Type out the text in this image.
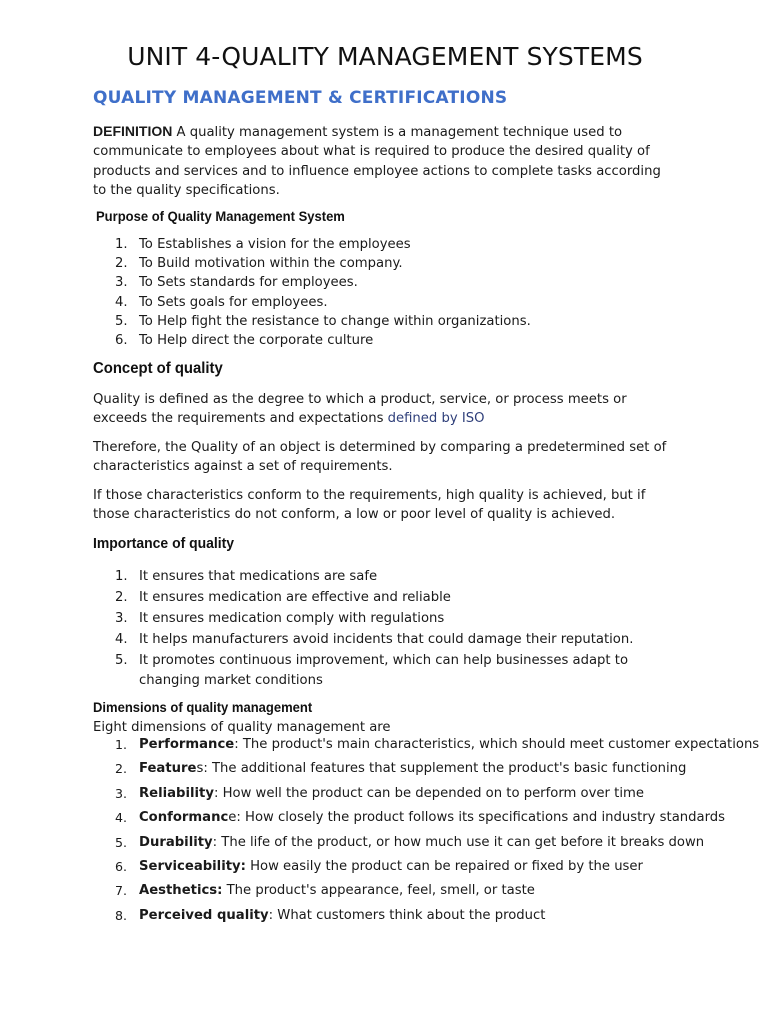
UNIT 4-QUALITY MANAGEMENT SYSTEMS
QUALITY MANAGEMENT & CERTIFICATIONS
DEFINITION A quality management system is a management technique used to communicate to employees about what is required to produce the desired quality of products and services and to influence employee actions to complete tasks according to the quality specifications.
Purpose of Quality Management System
1. To Establishes a vision for the employees
2. To Build motivation within the company.
3. To Sets standards for employees.
4. To Sets goals for employees.
5. To Help fight the resistance to change within organizations.
6. To Help direct the corporate culture
Concept of quality
Quality is defined as the degree to which a product, service, or process meets or exceeds the requirements and expectations defined by ISO
Therefore, the Quality of an object is determined by comparing a predetermined set of characteristics against a set of requirements.
If those characteristics conform to the requirements, high quality is achieved, but if those characteristics do not conform, a low or poor level of quality is achieved.
Importance of quality
1. It ensures that medications are safe
2. It ensures medication are effective and reliable
3. It ensures medication comply with regulations
4. It helps manufacturers avoid incidents that could damage their reputation.
5. It promotes continuous improvement, which can help businesses adapt to changing market conditions
Dimensions of quality management
Eight dimensions of quality management are
1. Performance: The product's main characteristics, which should meet customer expectations
2. Features: The additional features that supplement the product's basic functioning
3. Reliability: How well the product can be depended on to perform over time
4. Conformance: How closely the product follows its specifications and industry standards
5. Durability: The life of the product, or how much use it can get before it breaks down
6. Serviceability: How easily the product can be repaired or fixed by the user
7. Aesthetics: The product's appearance, feel, smell, or taste
8. Perceived quality: What customers think about the product
